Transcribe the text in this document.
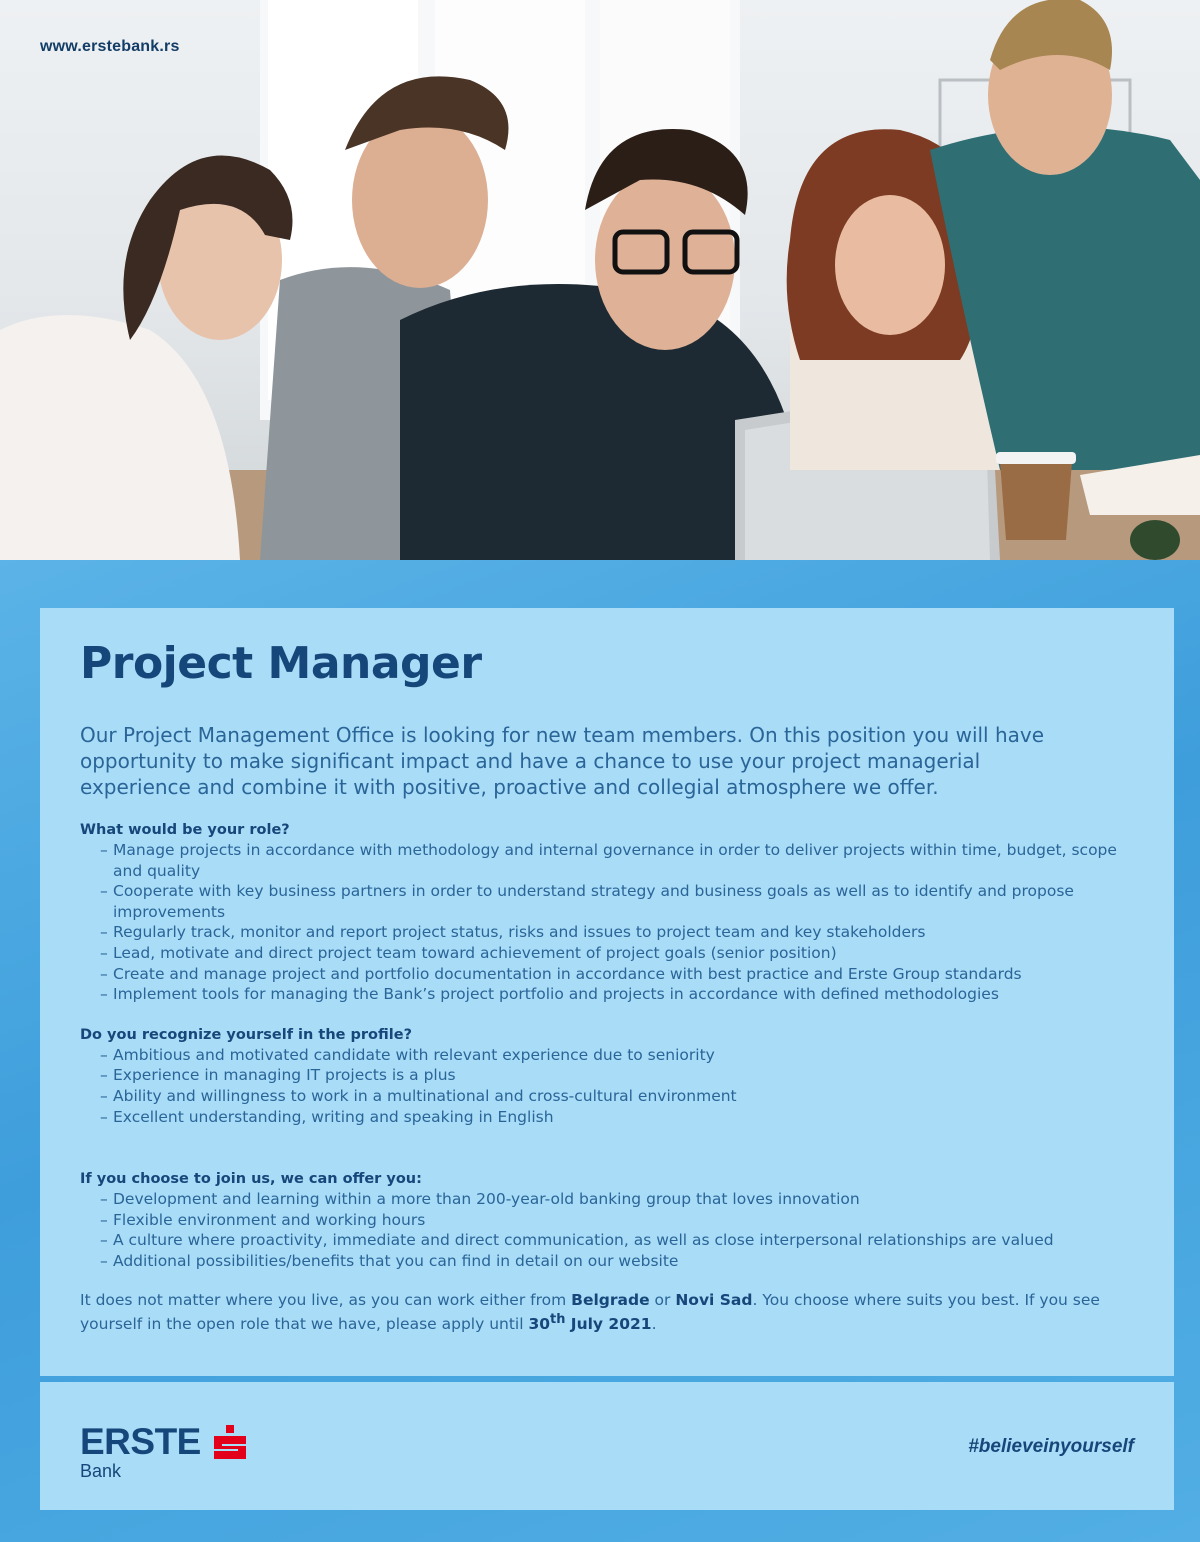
www.erstebank.rs
Project Manager

Our Project Management Office is looking for new team members. On this position you will have opportunity to make significant impact and have a chance to use your project managerial experience and combine it with positive, proactive and collegial atmosphere we offer.

What would be your role?
– Manage projects in accordance with methodology and internal governance in order to deliver projects within time, budget, scope and quality
– Cooperate with key business partners in order to understand strategy and business goals as well as to identify and propose improvements
– Regularly track, monitor and report project status, risks and issues to project team and key stakeholders
– Lead, motivate and direct project team toward achievement of project goals (senior position)
– Create and manage project and portfolio documentation in accordance with best practice and Erste Group standards
– Implement tools for managing the Bank’s project portfolio and projects in accordance with defined methodologies
Do you recognize yourself in the profile?
– Ambitious and motivated candidate with relevant experience due to seniority
– Experience in managing IT projects is a plus
– Ability and willingness to work in a multinational and cross-cultural environment
– Excellent understanding, writing and speaking in English
If you choose to join us, we can offer you:
– Development and learning within a more than 200-year-old banking group that loves innovation
– Flexible environment and working hours
– A culture where proactivity, immediate and direct communication, as well as close interpersonal relationships are valued
– Additional possibilities/benefits that you can find in detail on our website

It does not matter where you live, as you can work either from Belgrade or Novi Sad. You choose where suits you best. If you see yourself in the open role that we have, please apply until 30th July 2021.

ERSTE
Bank
#believeinyourself
